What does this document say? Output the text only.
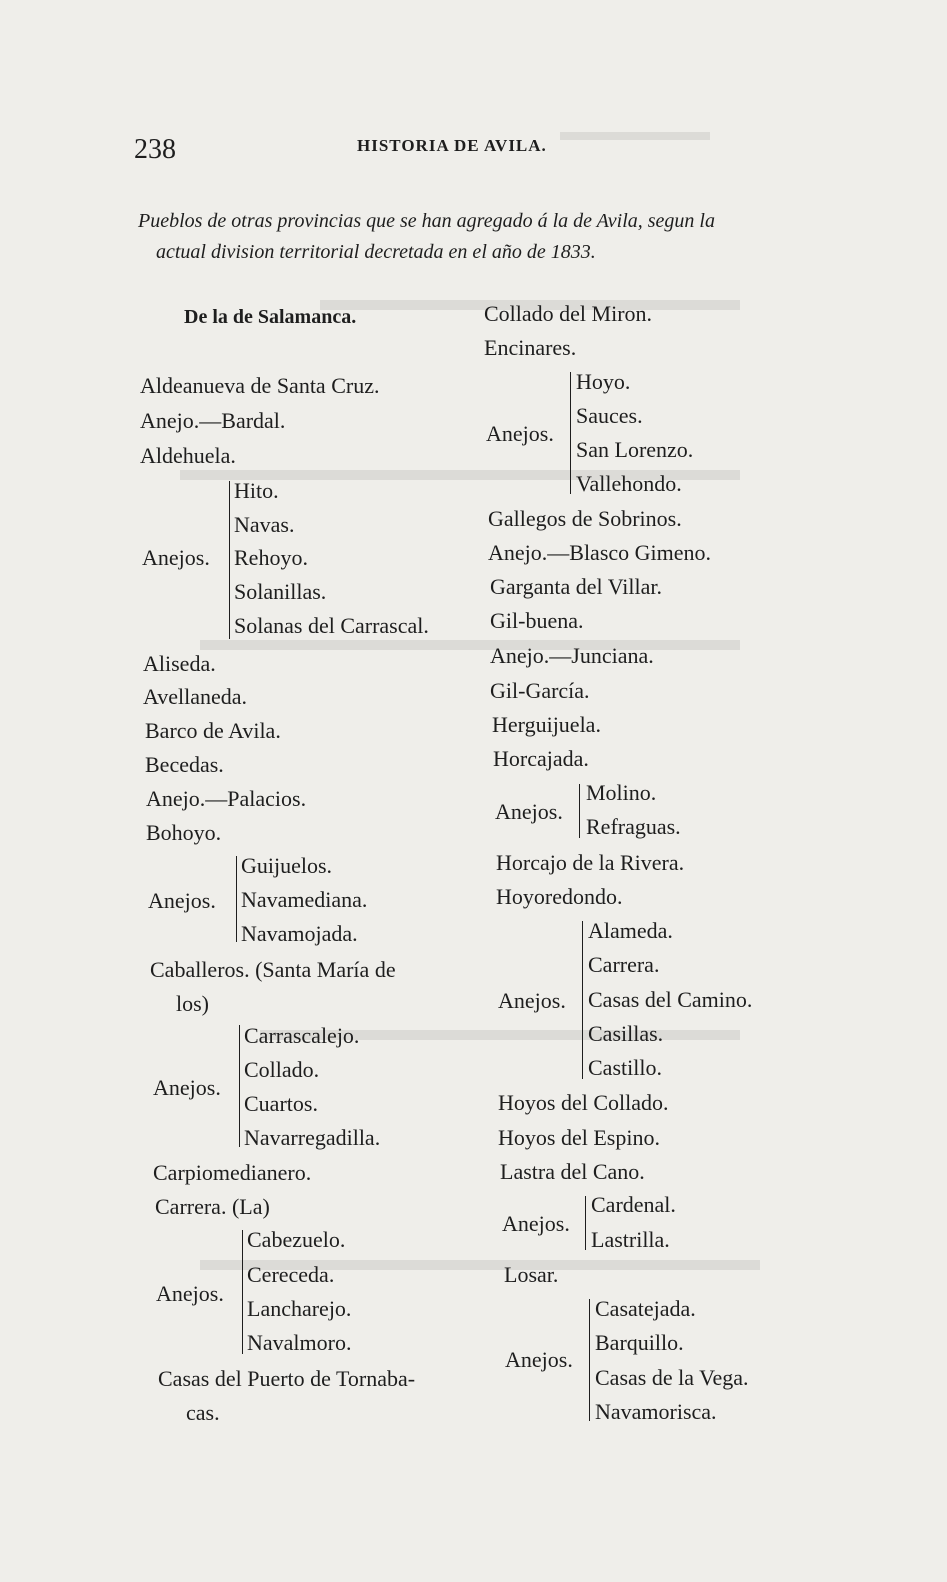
238	HISTORIA DE AVILA.
Pueblos de otras provincias que se han agregado á la de Avila, segun la
actual division territorial decretada en el año de 1833.
De la de Salamanca.
Aldeanueva de Santa Cruz.
Anejo.—Bardal.
Aldehuela.
Anejos.
Hito.
Navas.
Rehoyo.
Solanillas.
Solanas del Carrascal.
Aliseda.
Avellaneda.
Barco de Avila.
Becedas.
Anejo.—Palacios.
Bohoyo.
Anejos.
Guijuelos.
Navamediana.
Navamojada.
Caballeros. (Santa María de
los)
Anejos.
Carrascalejo.
Collado.
Cuartos.
Navarregadilla.
Carpiomedianero.
Carrera. (La)
Anejos.
Cabezuelo.
Cereceda.
Lancharejo.
Navalmoro.
Casas del Puerto de Tornaba-
cas.
Collado del Miron.
Encinares.
Anejos.
Hoyo.
Sauces.
San Lorenzo.
Vallehondo.
Gallegos de Sobrinos.
Anejo.—Blasco Gimeno.
Garganta del Villar.
Gil-buena.
Anejo.—Junciana.
Gil-García.
Herguijuela.
Horcajada.
Anejos.
Molino.
Refraguas.
Horcajo de la Rivera.
Hoyoredondo.
Anejos.
Alameda.
Carrera.
Casas del Camino.
Casillas.
Castillo.
Hoyos del Collado.
Hoyos del Espino.
Lastra del Cano.
Anejos.
Cardenal.
Lastrilla.
Losar.
Anejos.
Casatejada.
Barquillo.
Casas de la Vega.
Navamorisca.
